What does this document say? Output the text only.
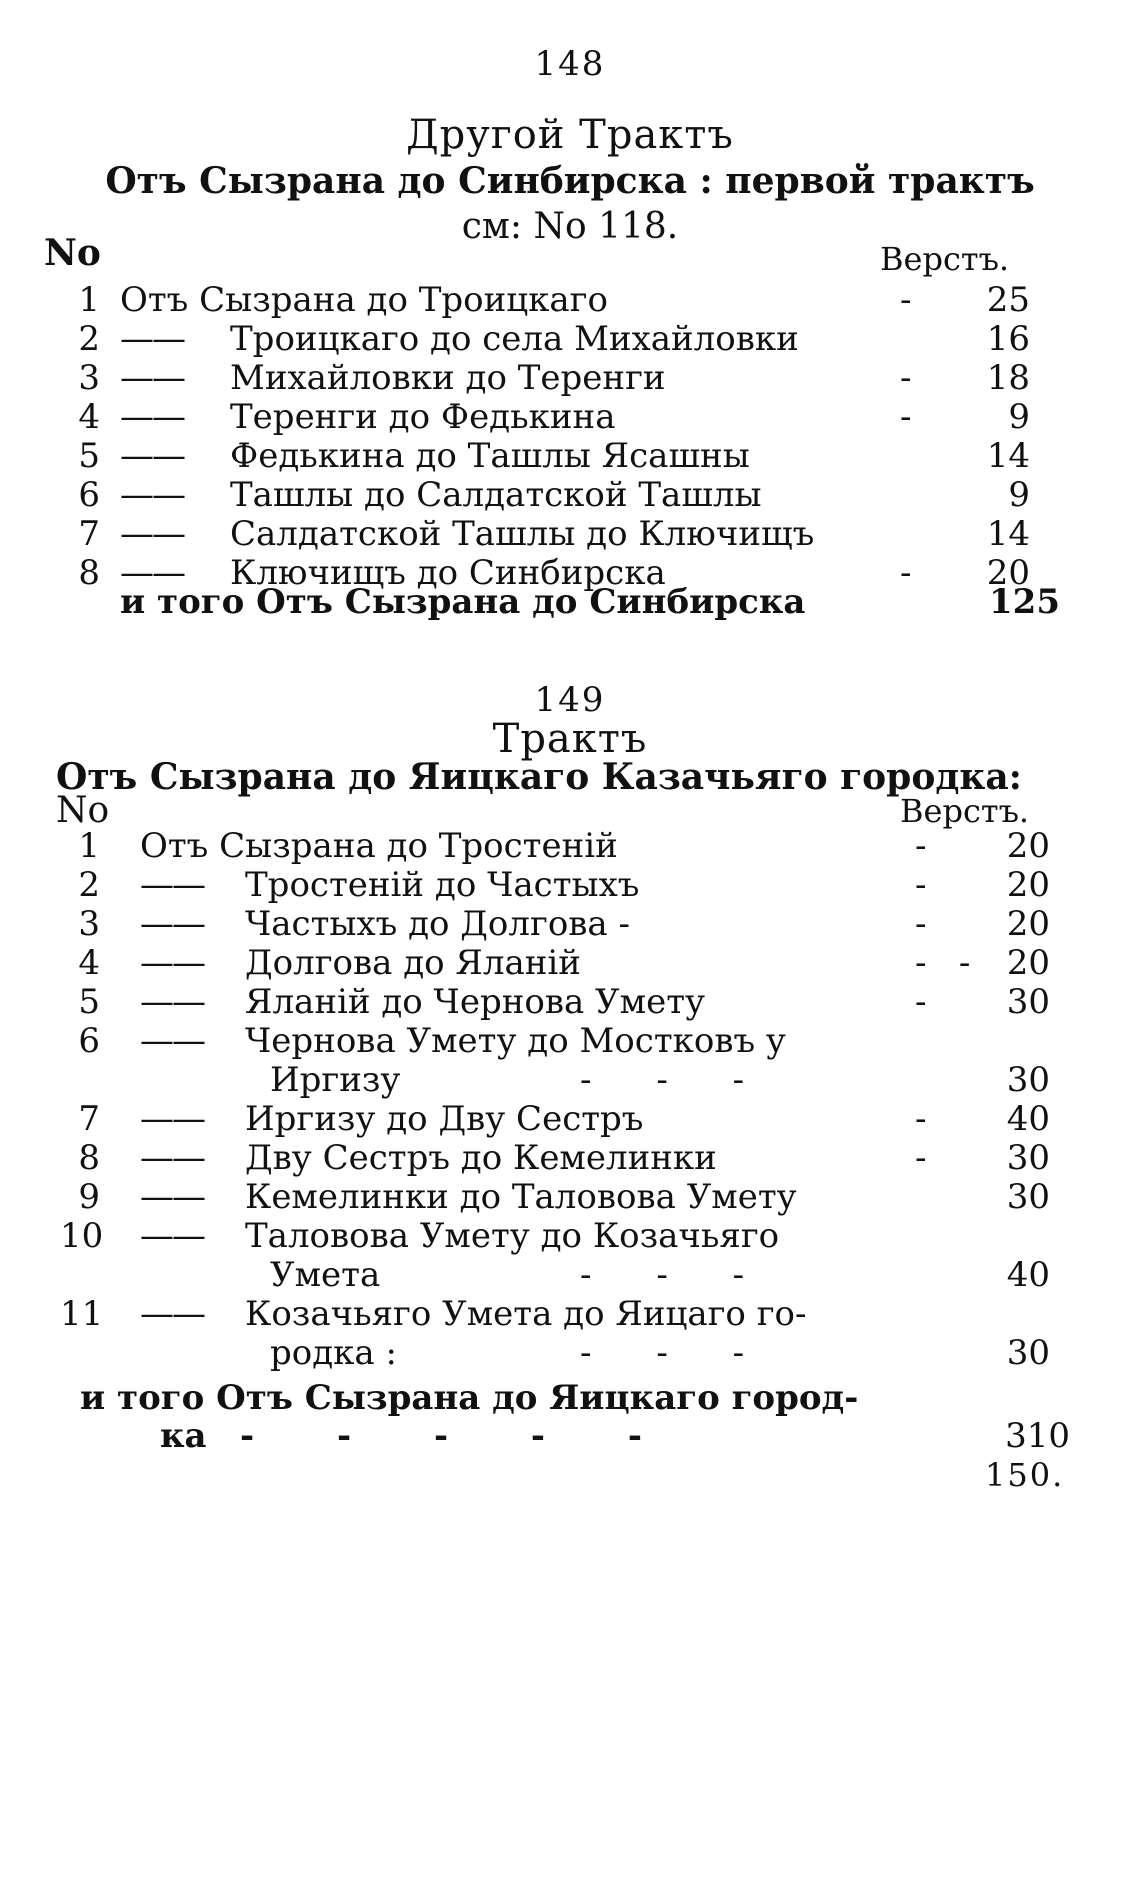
148
Другой Трактъ
Отъ Сызрана до Синбирска : первой трактъ
см: No 118.
No	Верстъ.
1 Отъ Сызрана до Троицкаго	-	25
2 —— Троицкаго до села Михайловки	16
3 —— Михайловки до Теренги	-	18
4 —— Теренги до Федькина	-	9
5 —— Федькина до Ташлы Ясашны	14
6 —— Ташлы до Салдатской Ташлы	9
7 —— Салдатской Ташлы до Ключищъ	14
8 —— Ключищъ до Синбирска	-	20
и того Отъ Сызрана до Синбирска	125
149
Трактъ
Отъ Сызрана до Яицкаго Казачьяго городка:
No	Верстъ.
1 Отъ Сызрана до Тростеній	-	20
2 —— Тростеній до Частыхъ	-	20
3 —— Частыхъ до Долгова -	-	20
4 —— Долгова до Яланій	-   -	20
5 —— Яланій до Чернова Умету	-	30
6 —— Чернова Умету до Мостковъ у
Иргизу	-      -      -	30
7 —— Иргизу до Дву Сестръ	-	40
8 —— Дву Сестръ до Кемелинки	-	30
9 —— Кемелинки до Таловова Умету	30
10 —— Таловова Умету до Козачьяго
Умета	-      -      -	40
11 —— Козачьяго Умета до Яицаго го-
родка :	-      -      -	30
и того Отъ Сызрана до Яицкаго город-
ка -       -       -       -       -	310
150.
